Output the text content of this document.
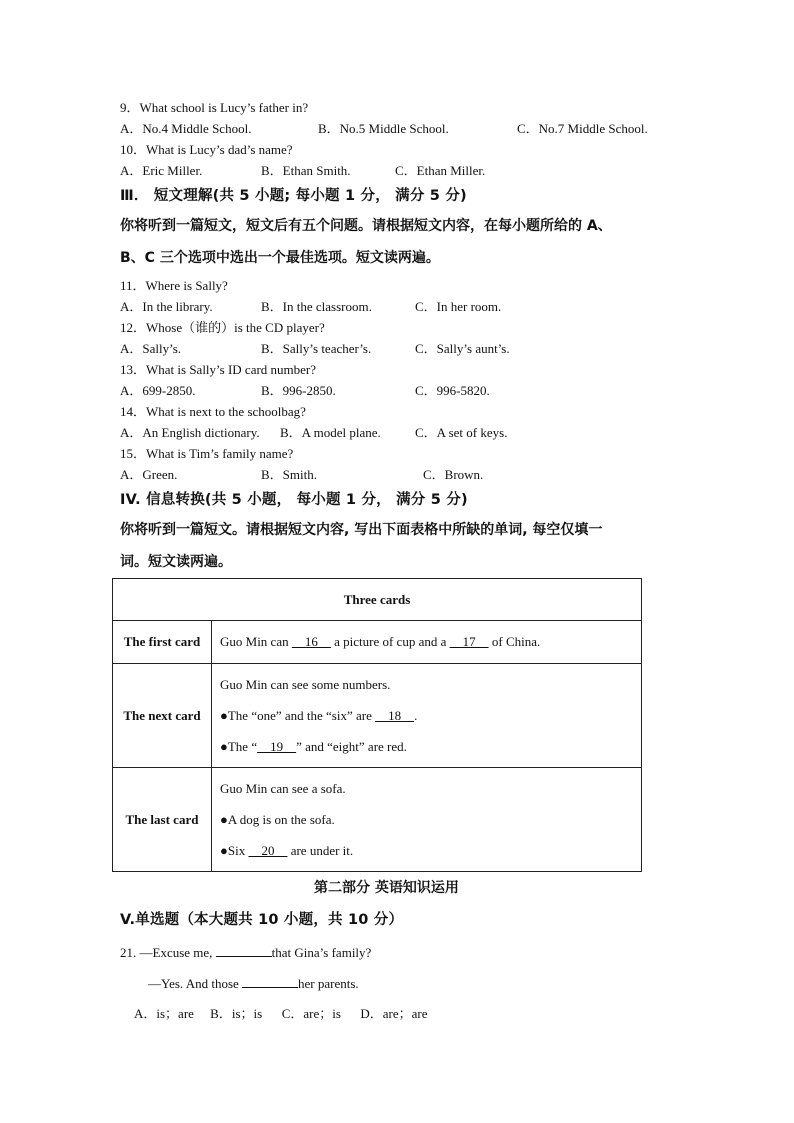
9．What school is Lucy’s father in?
A．No.4 Middle School.	B．No.5 Middle School.	C．No.7 Middle School.
10．What is Lucy’s dad’s name?
A．Eric Miller.	B．Ethan Smith.	C．Ethan Miller.
Ⅲ． 短文理解(共 5 小题; 每小题 1 分， 满分 5 分)
你将听到一篇短文，短文后有五个问题。请根据短文内容，在每小题所给的 A、
B、C 三个选项中选出一个最佳选项。短文读两遍。
11．Where is Sally?
A．In the library.	B．In the classroom.	C．In her room.
12．Whose（谁的）is the CD player?
A．Sally’s.	B．Sally’s teacher’s.	C．Sally’s aunt’s.
13．What is Sally’s ID card number?
A．699-2850.	B．996-2850.	C．996-5820.
14．What is next to the schoolbag?
A．An English dictionary. B．A model plane.	C．A set of keys.
15．What is Tim’s family name?
A．Green.	B．Smith.	C．Brown.
IV. 信息转换(共 5 小题， 每小题 1 分， 满分 5 分)
你将听到一篇短文。请根据短文内容, 写出下面表格中所缺的单词, 每空仅填一
词。短文读两遍。
Three cards	
The first card	Guo Min can     16     a picture of cup and a     17     of China.
The next card	Guo Min can see some numbers.
●The “one” and the “six” are     18    .
●The “    19    ” and “eight” are red.

The last card	Guo Min can see a sofa.
●A dog is on the sofa.
●Six     20     are under it.
第二部分 英语知识运用
V.单选题（本大题共 10 小题，共 10 分）
21. —Excuse me,	that Gina’s family?
—Yes. And those	her parents.
A．is；are     B．is；is      C．are；is      D．are；are
